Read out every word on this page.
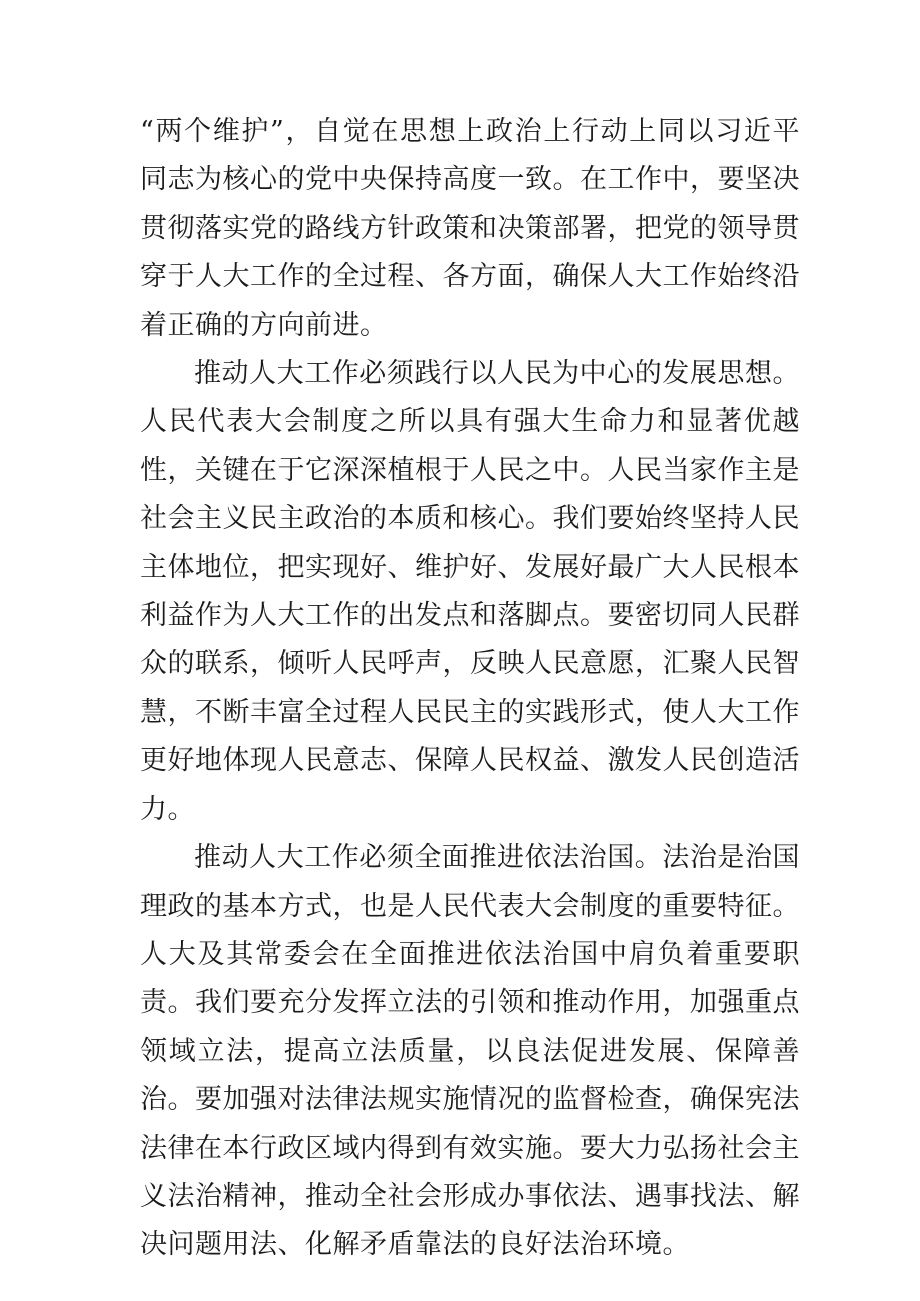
“两个维护”，自觉在思想上政治上行动上同以习近平同志为核心的党中央保持高度一致。在工作中，要坚决贯彻落实党的路线方针政策和决策部署，把党的领导贯穿于人大工作的全过程、各方面，确保人大工作始终沿着正确的方向前进。

推动人大工作必须践行以人民为中心的发展思想。人民代表大会制度之所以具有强大生命力和显著优越性，关键在于它深深植根于人民之中。人民当家作主是社会主义民主政治的本质和核心。我们要始终坚持人民主体地位，把实现好、维护好、发展好最广大人民根本利益作为人大工作的出发点和落脚点。要密切同人民群众的联系，倾听人民呼声，反映人民意愿，汇聚人民智慧，不断丰富全过程人民民主的实践形式，使人大工作更好地体现人民意志、保障人民权益、激发人民创造活力。

推动人大工作必须全面推进依法治国。法治是治国理政的基本方式，也是人民代表大会制度的重要特征。人大及其常委会在全面推进依法治国中肩负着重要职责。我们要充分发挥立法的引领和推动作用，加强重点领域立法，提高立法质量，以良法促进发展、保障善治。要加强对法律法规实施情况的监督检查，确保宪法法律在本行政区域内得到有效实施。要大力弘扬社会主义法治精神，推动全社会形成办事依法、遇事找法、解决问题用法、化解矛盾靠法的良好法治环境。
